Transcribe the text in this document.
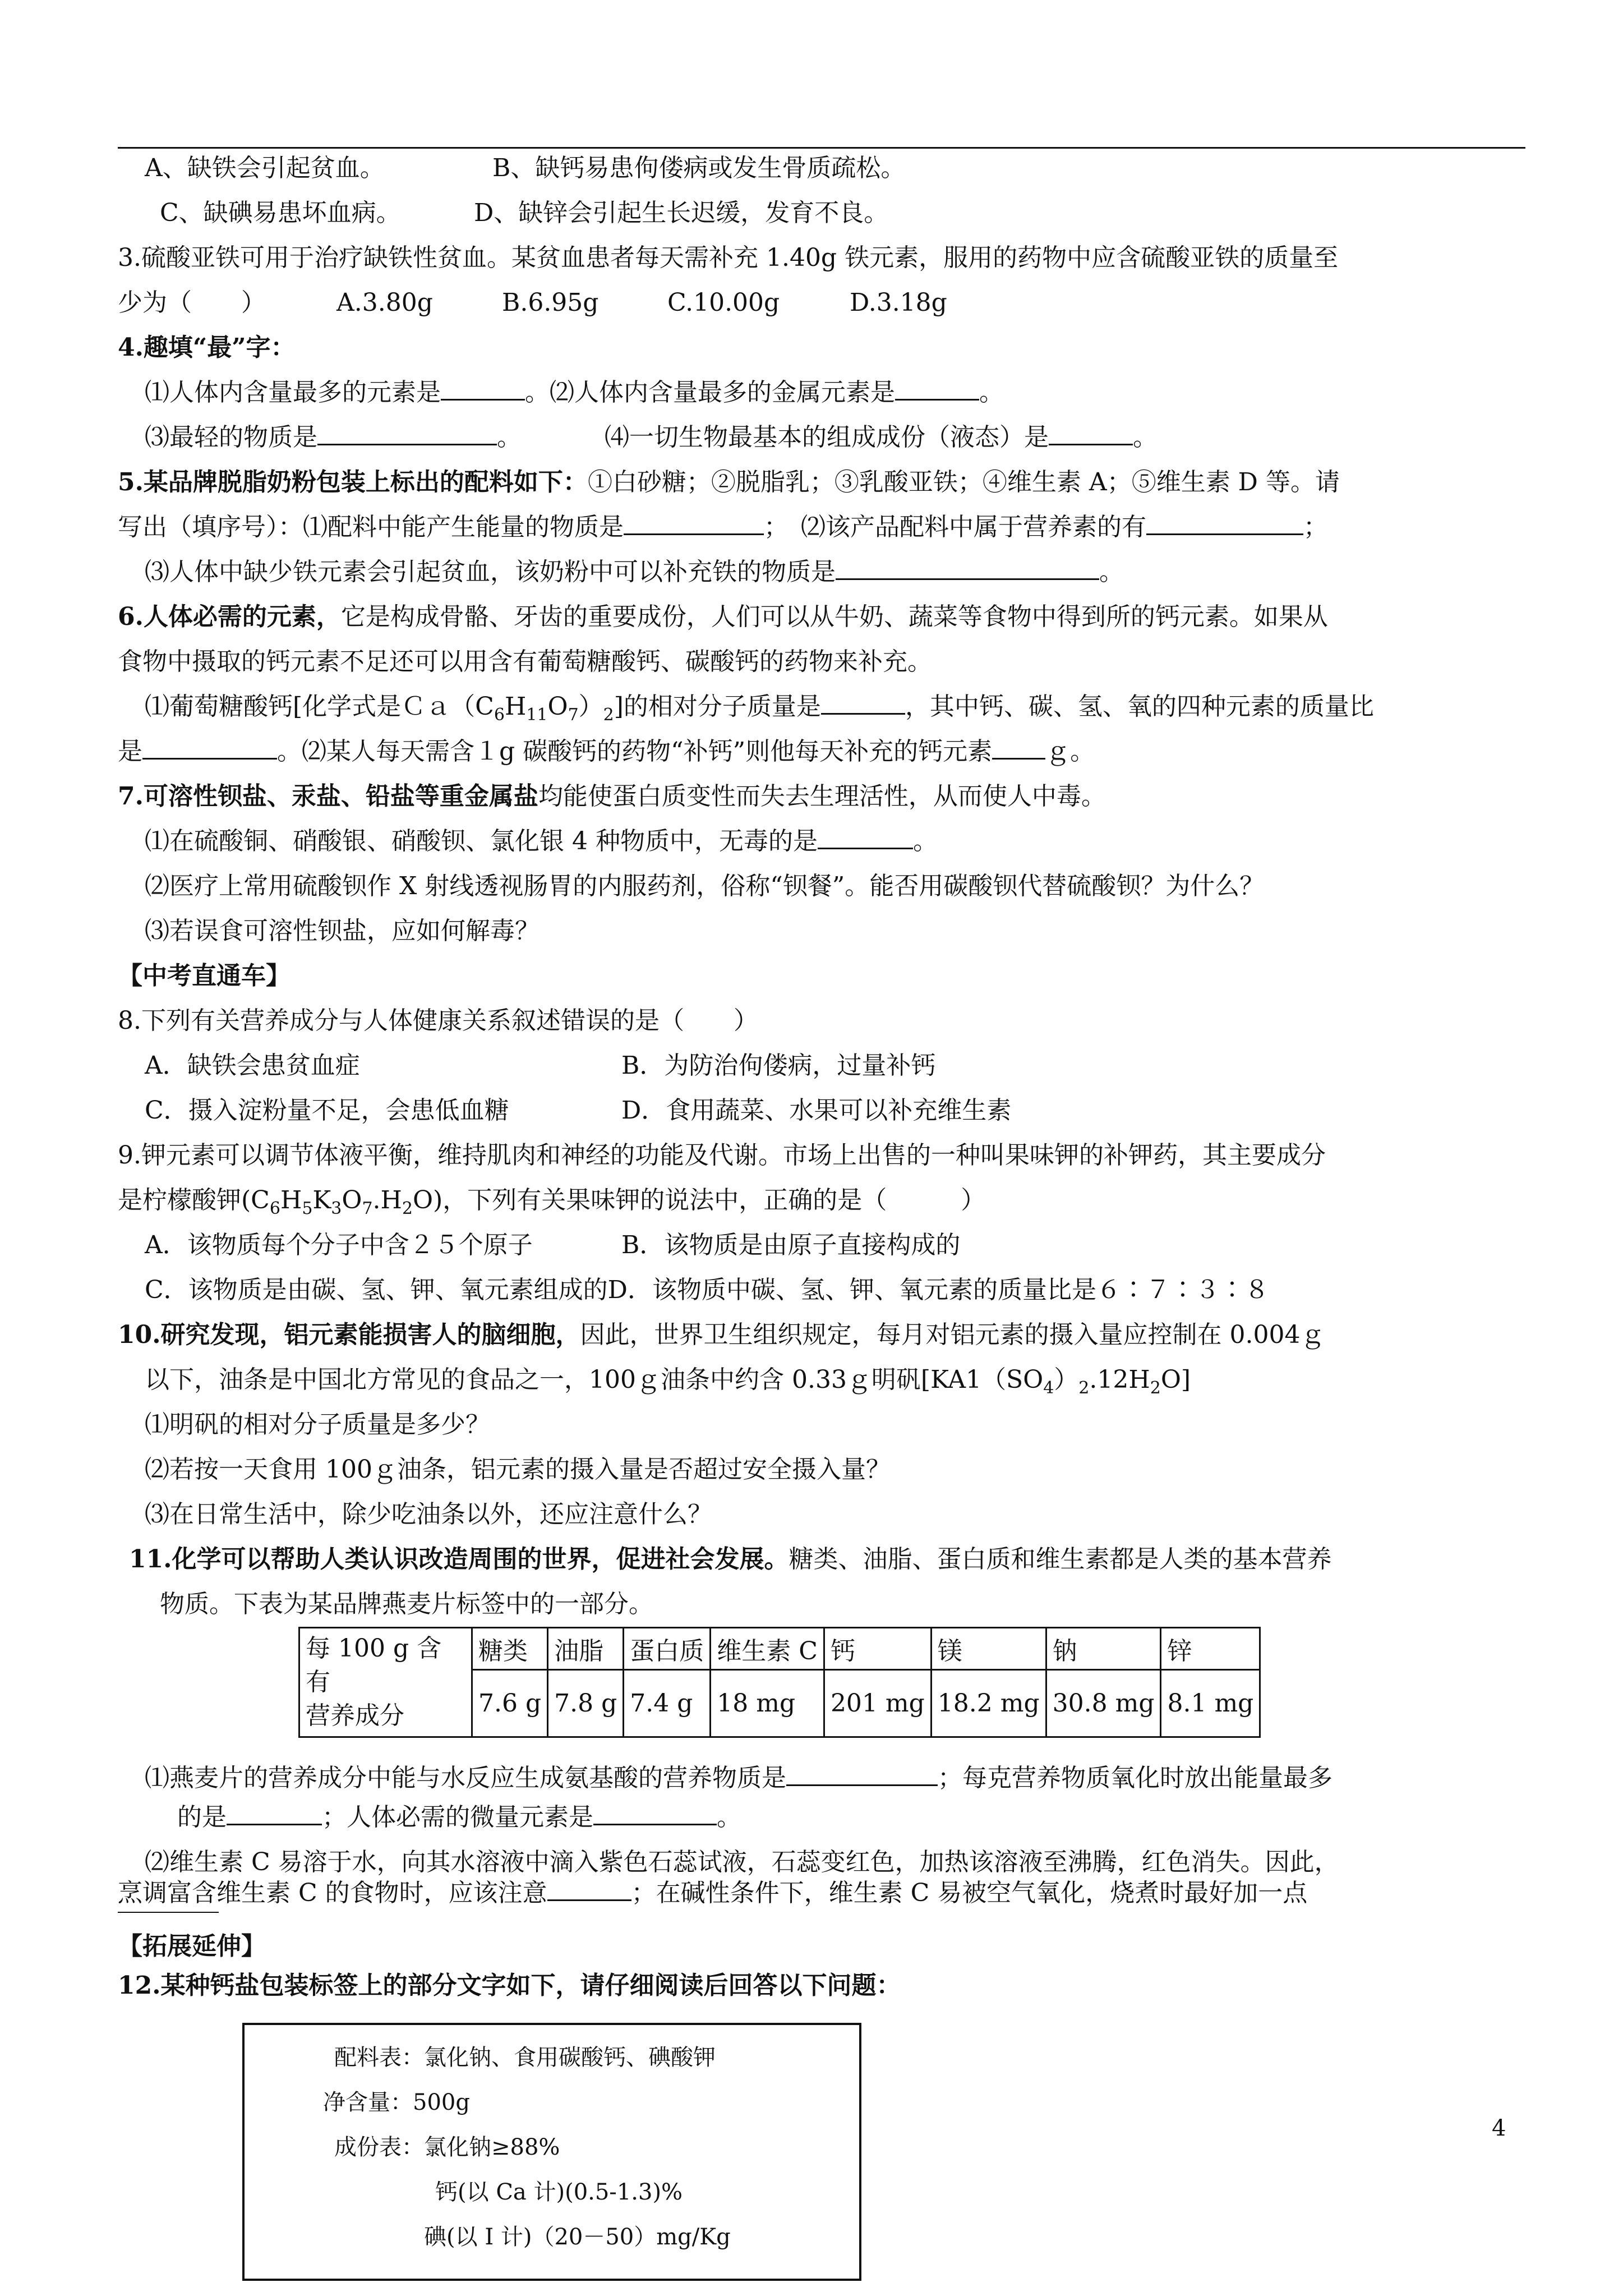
A、缺铁会引起贫血。	B、缺钙易患佝偻病或发生骨质疏松。
C、缺碘易患坏血病。	D、缺锌会引起生长迟缓，发育不良。
3.硫酸亚铁可用于治疗缺铁性贫血。某贫血患者每天需补充 1.40g 铁元素，服用的药物中应含硫酸亚铁的质量至
少为（　　）	A.3.80g	B.6.95g	C.10.00g	D.3.18g
4.趣填“最”字：
⑴人体内含量最多的元素是	。⑵人体内含量最多的金属元素是	。
⑶最轻的物质是	。	⑷一切生物最基本的组成成份（液态）是	。
5.某品牌脱脂奶粉包装上标出的配料如下：①白砂糖；②脱脂乳；③乳酸亚铁；④维生素 A；⑤维生素 D 等。请
写出（填序号）：⑴配料中能产生能量的物质是	；　⑵该产品配料中属于营养素的有	；
⑶人体中缺少铁元素会引起贫血，该奶粉中可以补充铁的物质是	。
6.人体必需的元素，它是构成骨骼、牙齿的重要成份，人们可以从牛奶、蔬菜等食物中得到所的钙元素。如果从
食物中摄取的钙元素不足还可以用含有葡萄糖酸钙、碳酸钙的药物来补充。
⑴葡萄糖酸钙[化学式是$Ca(C_6H_{11}O_7)_2$]的相对分子质量是	，其中钙、碳、氢、氧的四种元素的质量比
是	。⑵某人每天需含１g 碳酸钙的药物“补钙”则他每天补充的钙元素 ｇ。
7.可溶性钡盐、汞盐、铅盐等重金属盐均能使蛋白质变性而失去生理活性，从而使人中毒。
⑴在硫酸铜、硝酸银、硝酸钡、氯化银 4 种物质中，无毒的是	。
⑵医疗上常用硫酸钡作 X 射线透视肠胃的内服药剂，俗称“钡餐”。能否用碳酸钡代替硫酸钡？为什么？
⑶若误食可溶性钡盐，应如何解毒？
【中考直通车】
8.下列有关营养成分与人体健康关系叙述错误的是（　　）
A．缺铁会患贫血症	B．为防治佝偻病，过量补钙
C．摄入淀粉量不足，会患低血糖	D．食用蔬菜、水果可以补充维生素
9.钾元素可以调节体液平衡，维持肌肉和神经的功能及代谢。市场上出售的一种叫果味钾的补钾药，其主要成分
是柠檬酸钾$(C_6H_5K_3O_7.H_2O)$，下列有关果味钾的说法中，正确的是（　　　）
A．该物质每个分子中含２５个原子	B．该物质是由原子直接构成的
C．该物质是由碳、氢、钾、氧元素组成的D．该物质中碳、氢、钾、氧元素的质量比是６∶７∶３∶８
10.研究发现，铝元素能损害人的脑细胞，因此，世界卫生组织规定，每月对铝元素的摄入量应控制在 0.004ｇ
以下，油条是中国北方常见的食品之一，100ｇ油条中约含 0.33ｇ明矾$[KA1(SO_4)_2.12H_2O]$
⑴明矾的相对分子质量是多少？
⑵若按一天食用 100ｇ油条，铝元素的摄入量是否超过安全摄入量？
⑶在日常生活中，除少吃油条以外，还应注意什么？
11.化学可以帮助人类认识改造周围的世界，促进社会发展。糖类、油脂、蛋白质和维生素都是人类的基本营养
物质。下表为某品牌燕麦片标签中的一部分。
每 100 g 含
有
营养成分	糖类	油脂	蛋白质	维生素 C	钙	镁	钠	锌
	7.6 g	7.8 g	7.4 g	18 mg	201 mg	18.2 mg	30.8 mg	8.1 mg
⑴燕麦片的营养成分中能与水反应生成氨基酸的营养物质是	；每克营养物质氧化时放出能量最多
的是	；人体必需的微量元素是	。
⑵维生素 C 易溶于水，向其水溶液中滴入紫色石蕊试液，石蕊变红色，加热该溶液至沸腾，红色消失。因此，
烹调富含维生素 C 的食物时，应该注意	；在碱性条件下，维生素 C 易被空气氧化，烧煮时最好加一点
【拓展延伸】
12.某种钙盐包装标签上的部分文字如下，请仔细阅读后回答以下问题：
配料表：氯化钠、食用碳酸钙、碘酸钾
净含量：500g
成份表：氯化钠≥88%
钙(以 Ca 计)(0.5-1.3)%
碘(以 I 计)（20－50）mg/Kg
4
